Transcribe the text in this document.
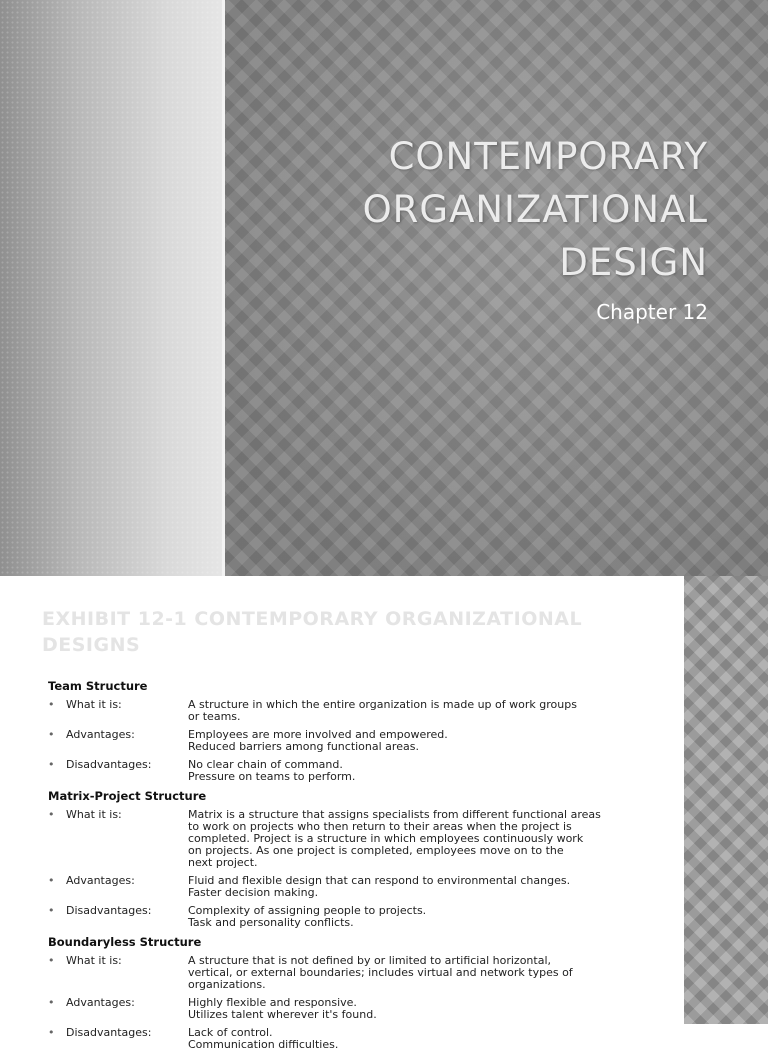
CONTEMPORARY
ORGANIZATIONAL
DESIGN
Chapter 12
EXHIBIT 12-1 CONTEMPORARY ORGANIZATIONAL DESIGNS
Team Structure
•	What it is:	A structure in which the entire organization is made up of work groups
or teams.
•	Advantages:	Employees are more involved and empowered.
Reduced barriers among functional areas.
•	Disadvantages:	No clear chain of command.
Pressure on teams to perform.
Matrix-Project Structure
•	What it is:	Matrix is a structure that assigns specialists from different functional areas
to work on projects who then return to their areas when the project is
completed. Project is a structure in which employees continuously work
on projects. As one project is completed, employees move on to the
next project.
•	Advantages:	Fluid and flexible design that can respond to environmental changes.
Faster decision making.
•	Disadvantages:	Complexity of assigning people to projects.
Task and personality conflicts.
Boundaryless Structure
•	What it is:	A structure that is not defined by or limited to artificial horizontal,
vertical, or external boundaries; includes virtual and network types of
organizations.
•	Advantages:	Highly flexible and responsive.
Utilizes talent wherever it's found.
•	Disadvantages:	Lack of control.
Communication difficulties.
